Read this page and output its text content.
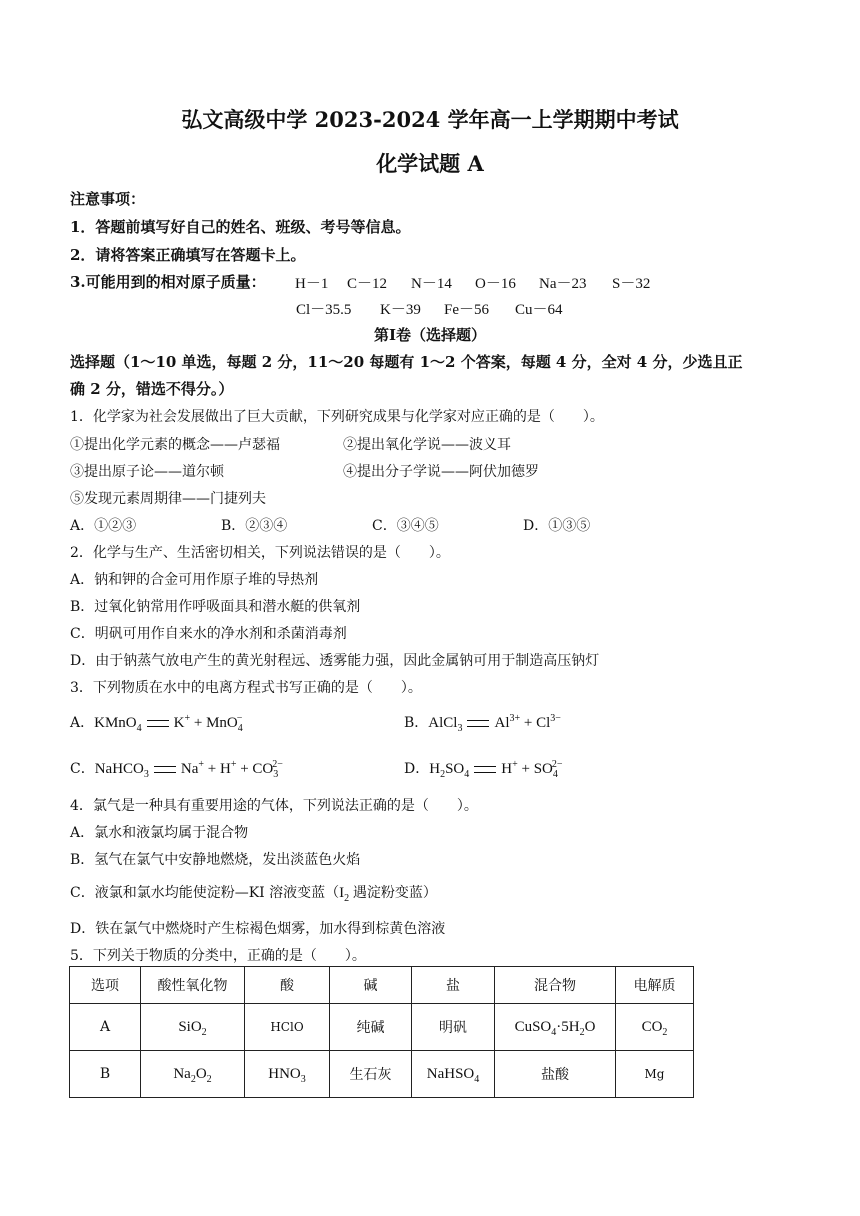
弘文高级中学 2023-2024 学年高一上学期期中考试
化学试题 A
注意事项：
1．答题前填写好自己的姓名、班级、考号等信息。
2．请将答案正确填写在答题卡上。
3.可能用到的相对原子质量： H－1 C－12 N－14 O－16 Na－23 S－32
Cl－35.5 K－39 Fe－56 Cu－64
第Ⅰ卷（选择题）
选择题（1～10 单选，每题 2 分，11～20 每题有 1～2 个答案，每题 4 分，全对 4 分，少选且正
确 2 分，错选不得分。）
1．化学家为社会发展做出了巨大贡献，下列研究成果与化学家对应正确的是（　　）。
①提出化学元素的概念——卢瑟福	②提出氧化学说——波义耳
③提出原子论——道尔顿	④提出分子学说——阿伏加德罗
⑤发现元素周期律——门捷列夫
A．①②③	B．②③④	C．③④⑤	D．①③⑤
2．化学与生产、生活密切相关，下列说法错误的是（　　）。
A．钠和钾的合金可用作原子堆的导热剂
B．过氧化钠常用作呼吸面具和潜水艇的供氧剂
C．明矾可用作自来水的净水剂和杀菌消毒剂
D．由于钠蒸气放电产生的黄光射程远、透雾能力强，因此金属钠可用于制造高压钠灯
3．下列物质在水中的电离方程式书写正确的是（　　）。
A．KMnO$_4$ K+ + MnO$_4$−	B．AlCl$_3$ $Al^{3+} + Cl^{3-}$
C．NaHCO$_3$ $Na^+ + H^+ + CO_3^{2-}$	D．$H_2SO_4$ $H^+ + SO_4^{2-}$
4．氯气是一种具有重要用途的气体，下列说法正确的是（　　）。
A．氯水和液氯均属于混合物
B．氢气在氯气中安静地燃烧，发出淡蓝色火焰
C．液氯和氯水均能使淀粉—KI 溶液变蓝（$I_2$ 遇淀粉变蓝）
D．铁在氯气中燃烧时产生棕褐色烟雾，加水得到棕黄色溶液
5．下列关于物质的分类中，正确的是（　　）。
选项	酸性氧化物	酸	碱	盐	混合物	电解质
A	SiO$_2$	HClO	纯碱	明矾	$CuSO_4\cdot 5H_2O$	$CO_2$
B	$Na_2O_2$	$HNO_3$	生石灰	NaHSO$_4$	盐酸	Mg
